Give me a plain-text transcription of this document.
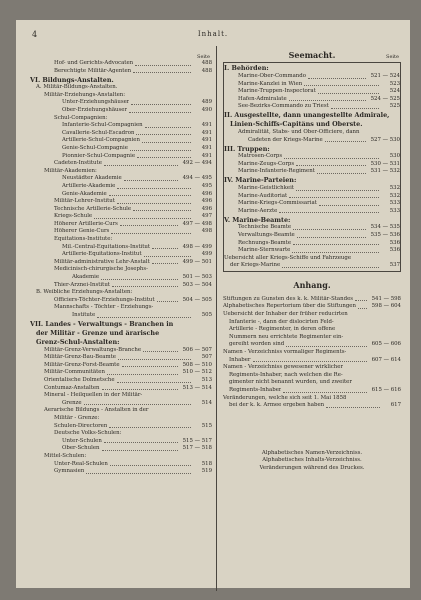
4	Inhalt.
Seite
Hof- und Gerichts-Advocaten	488
Berechtigte Militär-Agenten	488
VI. Bildungs-Anstalten.
A. Militär-Bildungs-Anstalten.
Militär-Erziehungs-Anstalten:
Unter-Erziehungshäuser	489
Ober-Erziehungshäuser	490
Schul-Compagnien:
Infanterie-Schul-Compagnien	491
Cavallerie-Schul-Escadron	491
Artillerie-Schul-Compagnien	491
Genie-Schul-Compagnie	491
Pionnier-Schul-Compagnie	491
Cadeten-Institute	492 — 494
Militär-Akademien:
Neustädter Akademie	494 — 495
Artillerie-Akademie	495
Genie-Akademie	496
Militär-Lehrer-Institut	496
Technische Artillerie-Schule	496
Kriegs-Schule	497
Höherer Artillerie-Curs	497 — 498
Höherer Genie-Curs	498
Equitations-Institute:
Mil.-Central-Equitations-Institut	498 — 499
Artillerie-Equitations-Institut	499
Militär-administrative Lehr-Anstalt	499 — 501
Medicinisch-chirurgische Josephs-
Akademie	501 — 503
Thier-Arznei-Institut	503 — 504
B. Weibliche Erziehungs-Anstalten:
Officiers-Töchter-Erziehungs-Institut	504 — 505
Mannschafts - Töchter - Erziehungs-
Institute	505
VII. Landes - Verwaltungs - Branchen in
der Militär - Grenze und ärarische
Grenz-Schul-Anstalten:
Militär-Grenz-Verwaltungs-Branche	506 — 507
Militär-Grenz-Bau-Beamte	507
Militär-Grenz-Forst-Beamte	508 — 510
Militär-Communitäten	510 — 512
Orientalische Dolmetsche	513
Contumaz-Anstalten	513 — 514
Mineral - Heilquellen in der Militär-
Grenze	514
Aerarische Bildungs - Anstalten in der
Militär - Grenze:
Schulen-Directoren	515
Deutsche Volks-Schulen:
Unter-Schulen	515 — 517
Ober-Schulen	517 — 518
Mittel-Schulen:
Unter-Real-Schulen	518
Gymnasien	519
Seemacht.	Seite
I. Behörden:
Marine-Ober-Commando	521 — 524
Marine-Kanzlei in Wien	523
Marine-Truppen-Inspectorat	524
Hafen-Admiralate	524 — 525
See-Bezirks-Commando zu Triest	525
II. Ausgestellte, dann unangestellte Admirale,
Linien-Schiffs-Capitäns und Oberste.
Admiralität, Stabs- und Ober-Officiere, dann
Cadeten der Kriegs-Marine	527 — 530
III. Truppen:
Matrosen-Corps	530
Marine-Zeugs-Corps	530 — 531
Marine-Infanterie-Regiment	531 — 532
IV. Marine-Parteien:
Marine-Geistlichkeit	532
Marine-Auditoriat	532
Marine-Kriegs-Commissariat	533
Marine-Aerzte	533
V. Marine-Beamte:
Technische Beamte	534 — 535
Verwaltungs-Beamte	535 — 536
Rechnungs-Beamte	536
Marine-Sternwarte	536
Uebersicht aller Kriegs-Schiffe und Fahrzeuge
der Kriegs-Marine	537
Anhang.
Stiftungen zu Gunsten des k. k. Militär-Standes	541 — 598
Alphabetisches Repertorium über die Stiftungen	598 — 604
Uebersicht der Inhaber der früher reducirten
Infanterie -, dann der dislocirten Feld-
Artillerie - Regimenter, in deren offene
Nummern neu errichtete Regimenter ein-
gereiht worden sind	605 — 606
Namen - Verzeichniss vormaliger Regiments-
Inhaber	607 — 614
Namen - Verzeichniss gewesener wirklicher
Regiments-Inhaber, nach welchen die Re-
gimenter nicht benannt wurden, und zweiter
Regiments-Inhaber	615 — 616
Veränderungen, welche sich seit 1. Mai 1858
bei der k. k. Armee ergeben haben	617
Alphabetisches Namen-Verzeichniss.
Alphabetisches Inhalts-Verzeichniss.
Veränderungen während des Druckes.
